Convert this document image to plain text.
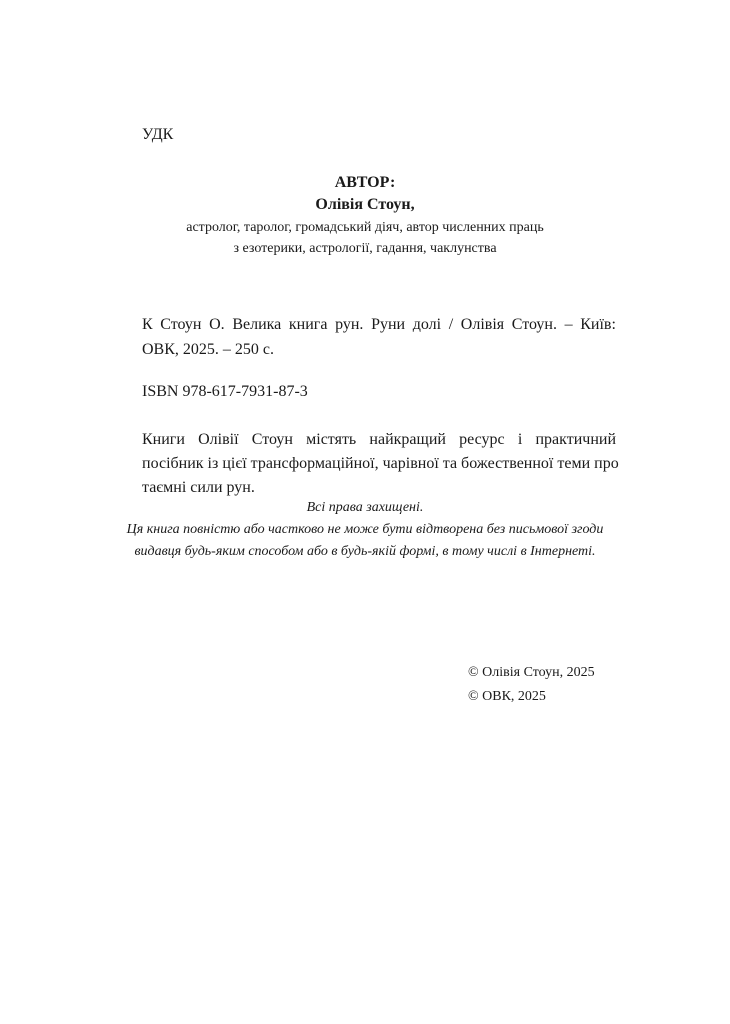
УДК
АВТОР:
Олівія Стоун,
астролог, таролог, громадський діяч, автор численних праць
з езотерики, астрології, гадання, чаклунства
К Стоун О. Велика книга рун. Руни долі / Олівія Стоун. – Київ:
ОВК, 2025. – 250 с.
ISBN 978-617-7931-87-3
Книги Олівії Стоун містять найкращий ресурс і практичний
посібник із цієї трансформаційної, чарівної та божественної теми про
таємні сили рун.
Всі права захищені.
Ця книга повністю або частково не може бути відтворена без письмової згоди
видавця будь-яким способом або в будь-якій формі, в тому числі в Інтернеті.
© Олівія Стоун, 2025
© ОВК, 2025
